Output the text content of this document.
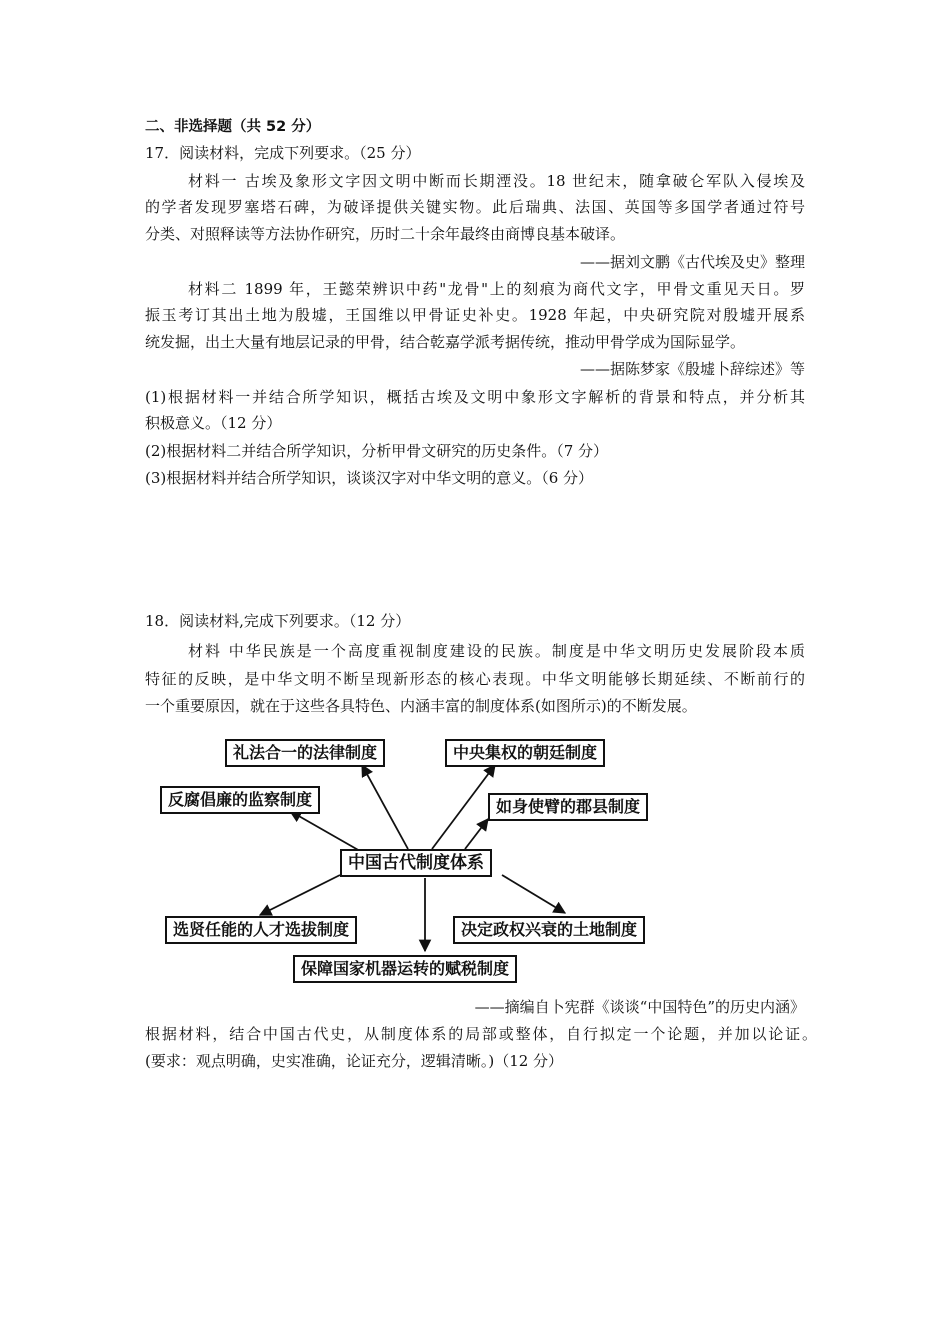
二、非选择题（共 52 分）
17．阅读材料，完成下列要求。（25 分）
材料一 古埃及象形文字因文明中断而长期湮没。18 世纪末，随拿破仑军队入侵埃及
的学者发现罗塞塔石碑，为破译提供关键实物。此后瑞典、法国、英国等多国学者通过符号
分类、对照释读等方法协作研究，历时二十余年最终由商博良基本破译。
——据刘文鹏《古代埃及史》整理
材料二 1899 年，王懿荣辨识中药"龙骨"上的刻痕为商代文字，甲骨文重见天日。罗
振玉考订其出土地为殷墟，王国维以甲骨证史补史。1928 年起，中央研究院对殷墟开展系
统发掘，出土大量有地层记录的甲骨，结合乾嘉学派考据传统，推动甲骨学成为国际显学。
——据陈梦家《殷墟卜辞综述》等
(1)根据材料一并结合所学知识，概括古埃及文明中象形文字解析的背景和特点，并分析其
积极意义。（12 分）
(2)根据材料二并结合所学知识，分析甲骨文研究的历史条件。（7 分）
(3)根据材料并结合所学知识，谈谈汉字对中华文明的意义。（6 分）
18．阅读材料,完成下列要求。（12 分）
材料 中华民族是一个高度重视制度建设的民族。制度是中华文明历史发展阶段本质
特征的反映，是中华文明不断呈现新形态的核心表现。中华文明能够长期延续、不断前行的
一个重要原因，就在于这些各具特色、内涵丰富的制度体系(如图所示)的不断发展。
礼法合一的法律制度	中央集权的朝廷制度
反腐倡廉的监察制度	如身使臂的郡县制度
中国古代制度体系
选贤任能的人才选拔制度	决定政权兴衰的土地制度
保障国家机器运转的赋税制度
——摘编自卜宪群《谈谈“中国特色”的历史内涵》
根据材料，结合中国古代史，从制度体系的局部或整体，自行拟定一个论题，并加以论证。
(要求：观点明确，史实准确，论证充分，逻辑清晰。)（12 分）
